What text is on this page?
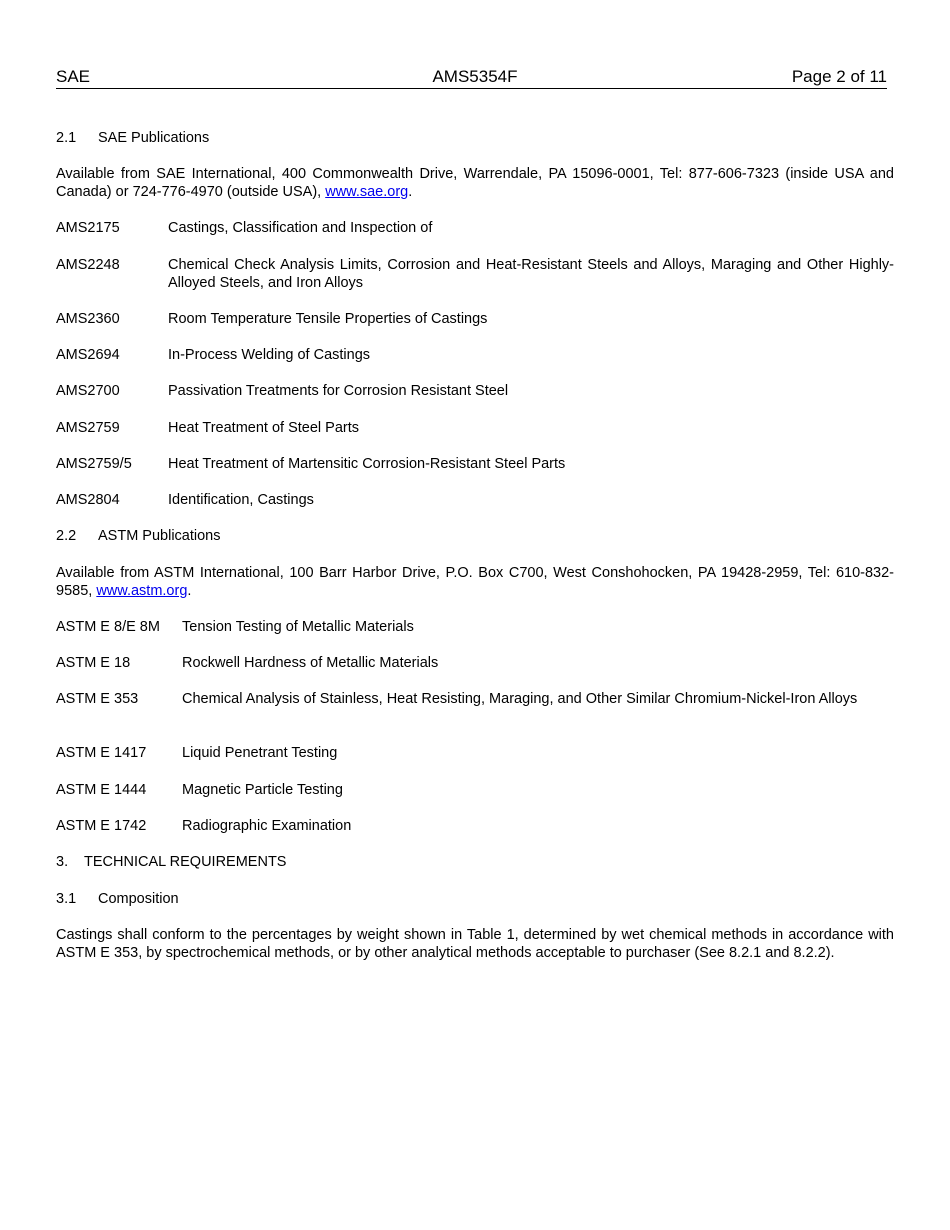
SAE	AMS5354F	Page 2 of 11
2.1 SAE Publications
Available from SAE International, 400 Commonwealth Drive, Warrendale, PA 15096-0001, Tel: 877-606-7323 (inside USA and Canada) or 724-776-4970 (outside USA), www.sae.org.
AMS2175	Castings, Classification and Inspection of
AMS2248	Chemical Check Analysis Limits, Corrosion and Heat-Resistant Steels and Alloys, Maraging and Other Highly-Alloyed Steels, and Iron Alloys
AMS2360	Room Temperature Tensile Properties of Castings
AMS2694	In-Process Welding of Castings
AMS2700	Passivation Treatments for Corrosion Resistant Steel
AMS2759	Heat Treatment of Steel Parts
AMS2759/5	Heat Treatment of Martensitic Corrosion-Resistant Steel Parts
AMS2804	Identification, Castings
2.2 ASTM Publications
Available from ASTM International, 100 Barr Harbor Drive, P.O. Box C700, West Conshohocken, PA 19428-2959, Tel: 610-832-9585, www.astm.org.
ASTM E 8/E 8M	Tension Testing of Metallic Materials
ASTM E 18	Rockwell Hardness of Metallic Materials
ASTM E 353	Chemical Analysis of Stainless, Heat Resisting, Maraging, and Other Similar Chromium-Nickel-Iron Alloys
ASTM E 1417	Liquid Penetrant Testing
ASTM E 1444	Magnetic Particle Testing
ASTM E 1742	Radiographic Examination
3. TECHNICAL REQUIREMENTS
3.1 Composition
Castings shall conform to the percentages by weight shown in Table 1, determined by wet chemical methods in accordance with ASTM E 353, by spectrochemical methods, or by other analytical methods acceptable to purchaser (See 8.2.1 and 8.2.2).
